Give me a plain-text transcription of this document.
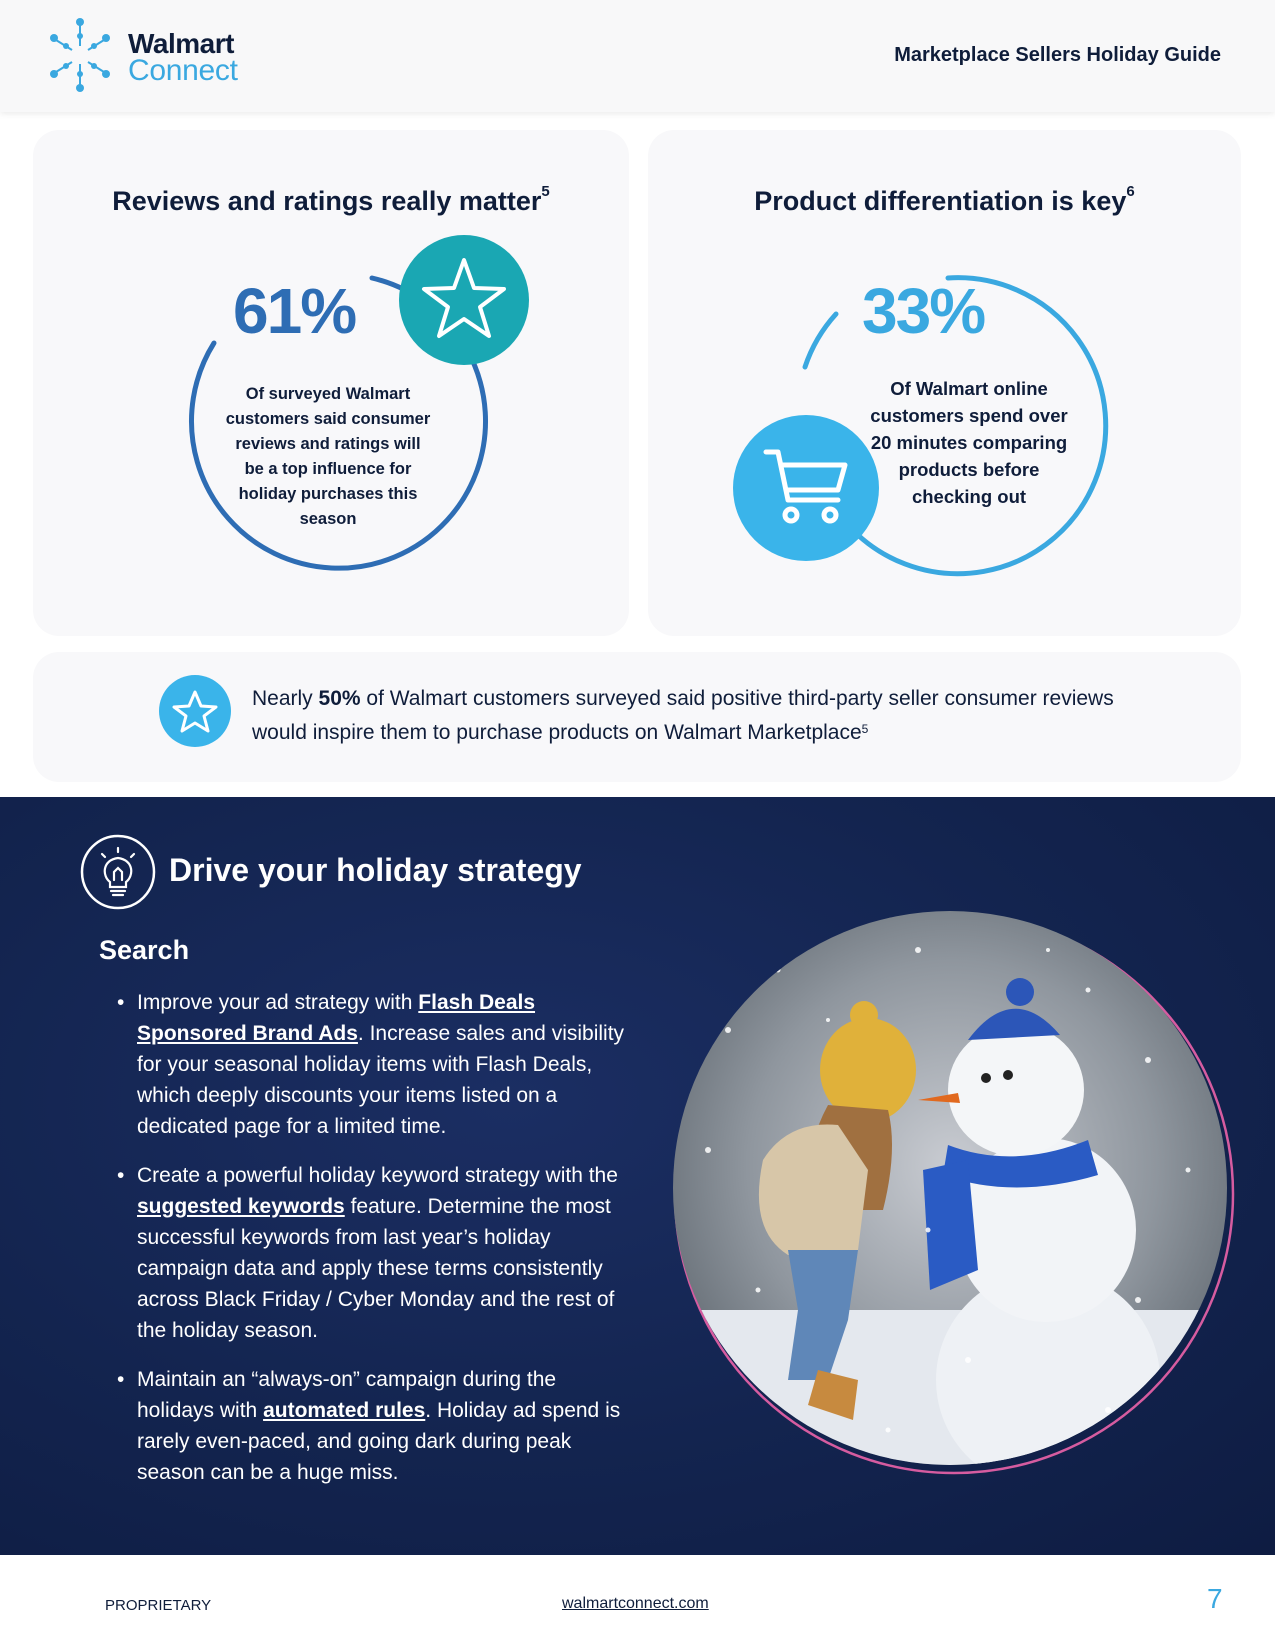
Walmart
Connect	Marketplace Sellers Holiday Guide
Reviews and ratings really matter$^5$
61%
Of surveyed Walmart customers said consumer reviews and ratings will be a top influence for holiday purchases this season
Product differentiation is key$^6$
33%
Of Walmart online customers spend over 20 minutes comparing products before checking out
Nearly 50% of Walmart customers surveyed said positive third-party seller consumer reviews would inspire them to purchase products on Walmart Marketplace$^5$
Drive your holiday strategy
Search
• Improve your ad strategy with Flash Deals Sponsored Brand Ads. Increase sales and visibility for your seasonal holiday items with Flash Deals, which deeply discounts your items listed on a dedicated page for a limited time.
• Create a powerful holiday keyword strategy with the suggested keywords feature. Determine the most successful keywords from last year’s holiday campaign data and apply these terms consistently across Black Friday / Cyber Monday and the rest of the holiday season.
• Maintain an “always-on” campaign during the holidays with automated rules. Holiday ad spend is rarely even-paced, and going dark during peak season can be a huge miss.
PROPRIETARY	walmartconnect.com	7
